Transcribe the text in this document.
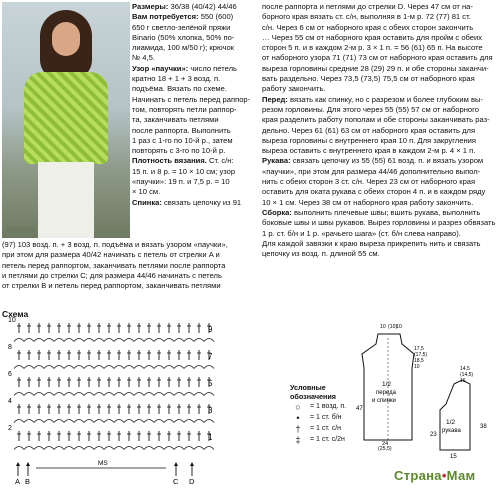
Размеры: 36/38 (40/42) 44/46
Вам потребуется: 550 (600)
650 г светло-зелёной пряжи
Binario (50% хлопка, 50% по-
лиамида, 100 м/50 г); крючок
№ 4,5.
Узор «паучки»: число петель
кратно 18 + 1 + 3 возд. п.
подъёма. Вязать по схеме.
Начинать с петель перед раппор-
том, повторять петли раппор-
та, заканчивать петлями
после раппорта. Выполнить
1 раз с 1-го по 10-й р., затем
повторять с 3-го по 10-й р.
Плотность вязания. Ст. с/н:
15 п. и 8 р. = 10 × 10 см; узор
«паучки»: 19 п. и 7,5 р. = 10
× 10 см.
Спинка: связать цепочку из 91
(97) 103 возд. п. + 3 возд. п. подъёма и вязать узором «паучки»,
при этом для размера 40/42 начинать с петель от стрелки A и
петель перед раппортом, заканчивать петлями после раппорта
и петлями до стрелки C; для размера 44/46 начинать с петель
от стрелки B и петель перед раппортом, заканчивать петлями
после раппорта и петлями до стрелки D. Через 47 см от на-
борного края вязать ст. с/н, выполняя в 1-м р. 72 (77) 81 ст.
с/н. Через 6 см от наборного края с обеих сторон закончить
… Через 55 см от наборного края оставить для пройм с обеих
сторон 5 п. и в каждом 2-м р. 3 × 1 п. = 56 (61) 65 п. На высоте
от наборного узора 71 (71) 73 см от наборного края оставить для
выреза горловины средние 28 (29) 29 п. и обе стороны заканчи-
вать раздельно. Через 73,5 (73,5) 75,5 см от наборного края
работу закончить.
Перед: вязать как спинку, но с разрезом и более глубоким вы-
резом горловины. Для этого через 55 (55) 57 см от наборного
края разделить работу пополам и обе стороны заканчивать раз-
дельно. Через 61 (61) 63 см от наборного края оставить для
выреза горловины с внутреннего края 10 п. Для закругления
выреза оставить с внутреннего края в каждом 2-м р. 4 × 1 п.
Рукава: связать цепочку из 55 (55) 61 возд. п. и вязать узором
«паучки», при этом для размера 44/46 дополнительно выпол-
нить с обеих сторон 3 ст. с/н. Через 23 см от наборного края
оставить для оката рукава с обеих сторон 4 п. и в каждом ряду
10 × 1 см. Через 38 см от наборного края работу закончить.
Сборка: выполнить плечевые швы; вшить рукава, выполнить
боковые швы и швы рукавов. Вырез горловины и разрез обвязать
1 р. ст. б/н и 1 р. «рачьего шага» (ст. б/н слева направо).
Для каждой завязки к краю выреза прикрепить нить и связать
цепочку из возд. п. длиной 55 см.
Схема
9
7
5
3
1
10
8
6
4
2
A B	C D
MS
Условные
обозначения
○	= 1 возд. п.
•	= 1 ст. б/н
†	= 1 ст. с/н
‡	= 1 ст. с/2н
1/2
переда
и спинки
47
24
(25,5)
10 (10)
10
17,5
(17,5)
18,5
10
1/2
рукава
23
38
15
14,5
(14,5)
16
Страна•Мам
